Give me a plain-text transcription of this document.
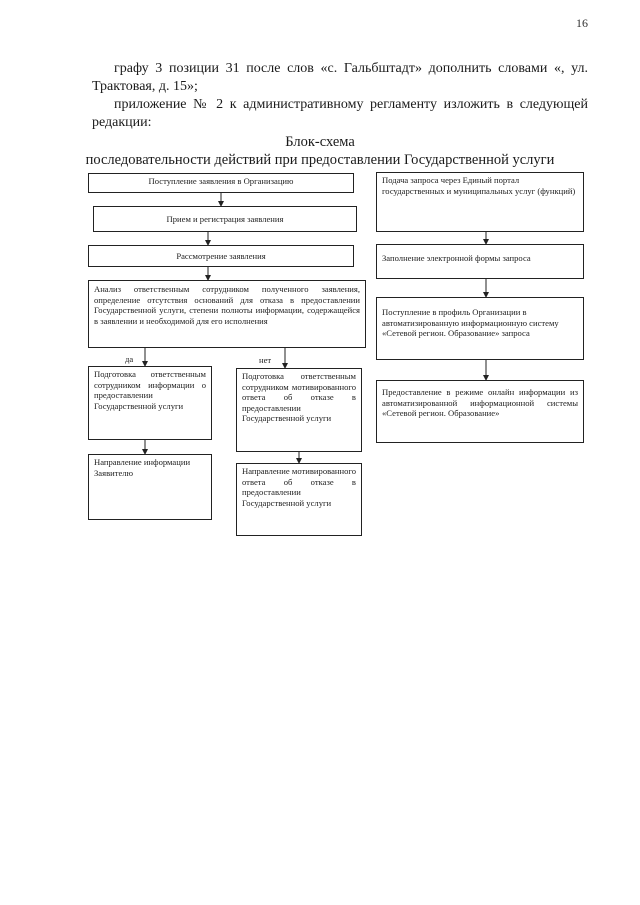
16
графу 3 позиции 31 после слов «с. Гальбштадт» дополнить словами «, ул. Трактовая, д. 15»;
приложение № 2 к административному регламенту изложить в следующей редакции:
Блок-схема
последовательности действий при предоставлении Государственной услуги
Поступление заявления в Организацию
Прием и регистрация заявления
Рассмотрение заявления
Анализ ответственным сотрудником полученного заявления, определение отсутствия оснований для отказа в предоставлении Государственной услуги, степени полноты информации, содержащейся в заявлении и необходимой для его исполнения
да	нет
Подготовка ответственным сотрудником информации о предоставлении Государственной услуги
Направление информации Заявителю
Подготовка ответственным сотрудником мотивированного ответа об отказе в предоставлении Государственной услуги
Направление мотивированного ответа об отказе в предоставлении Государственной услуги
Подача запроса через Единый портал государственных и муниципальных услуг (функций)
Заполнение электронной формы запроса
Поступление в профиль Организации в автоматизированную информационную систему «Сетевой регион. Образование» запроса
Предоставление в режиме онлайн информации из автоматизированной информационной системы «Сетевой регион. Образование»
